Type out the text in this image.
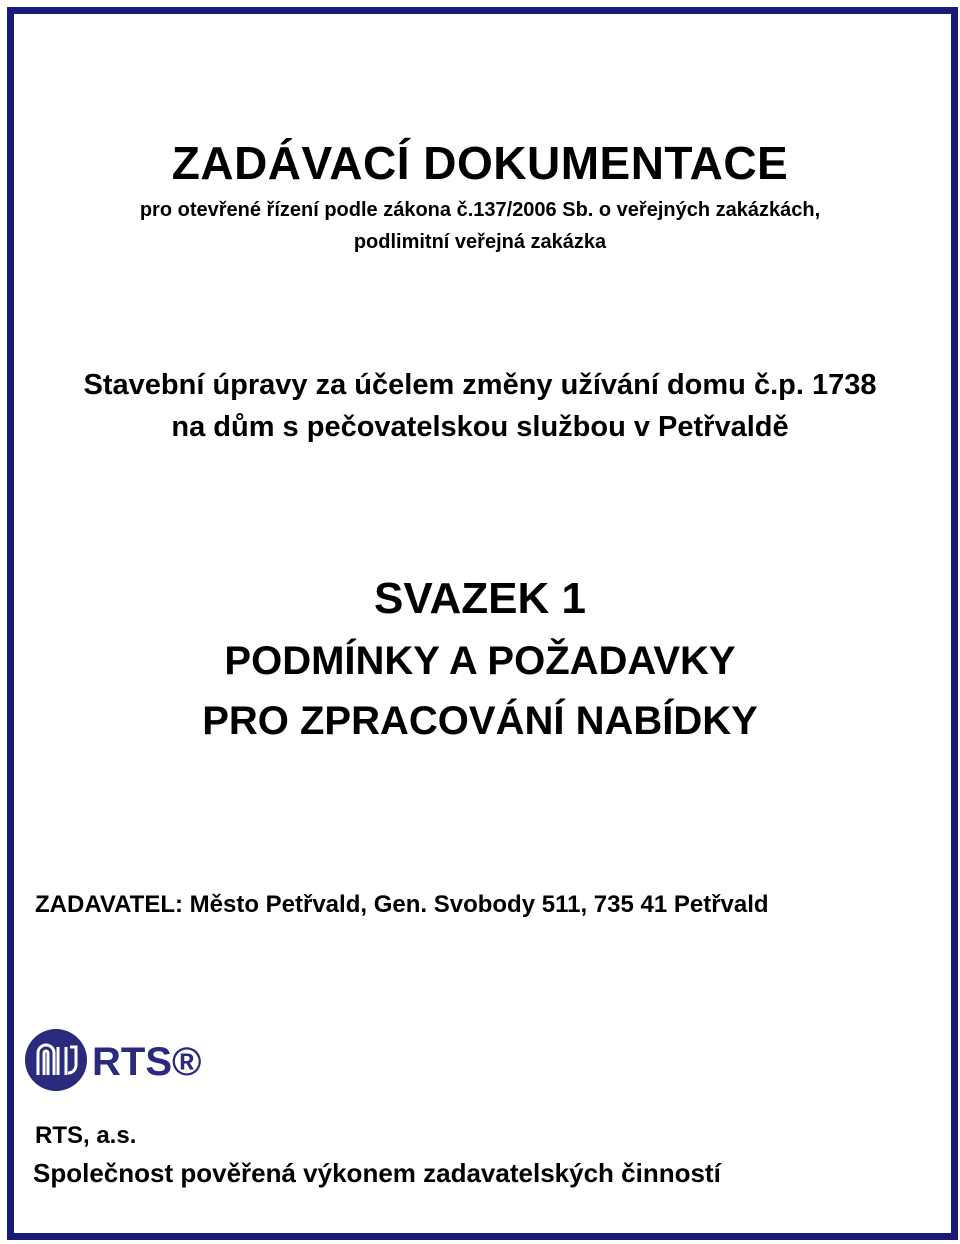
ZADÁVACÍ DOKUMENTACE
pro otevřené řízení podle zákona č.137/2006 Sb. o veřejných zakázkách,
podlimitní veřejná zakázka
Stavební úpravy za účelem změny užívání domu č.p. 1738
na dům s pečovatelskou službou v Petřvaldě
SVAZEK 1
PODMÍNKY A POŽADAVKY
PRO ZPRACOVÁNÍ NABÍDKY
ZADAVATEL: Město Petřvald, Gen. Svobody 511, 735 41 Petřvald
RTS®
RTS, a.s.
Společnost pověřená výkonem zadavatelských činností
